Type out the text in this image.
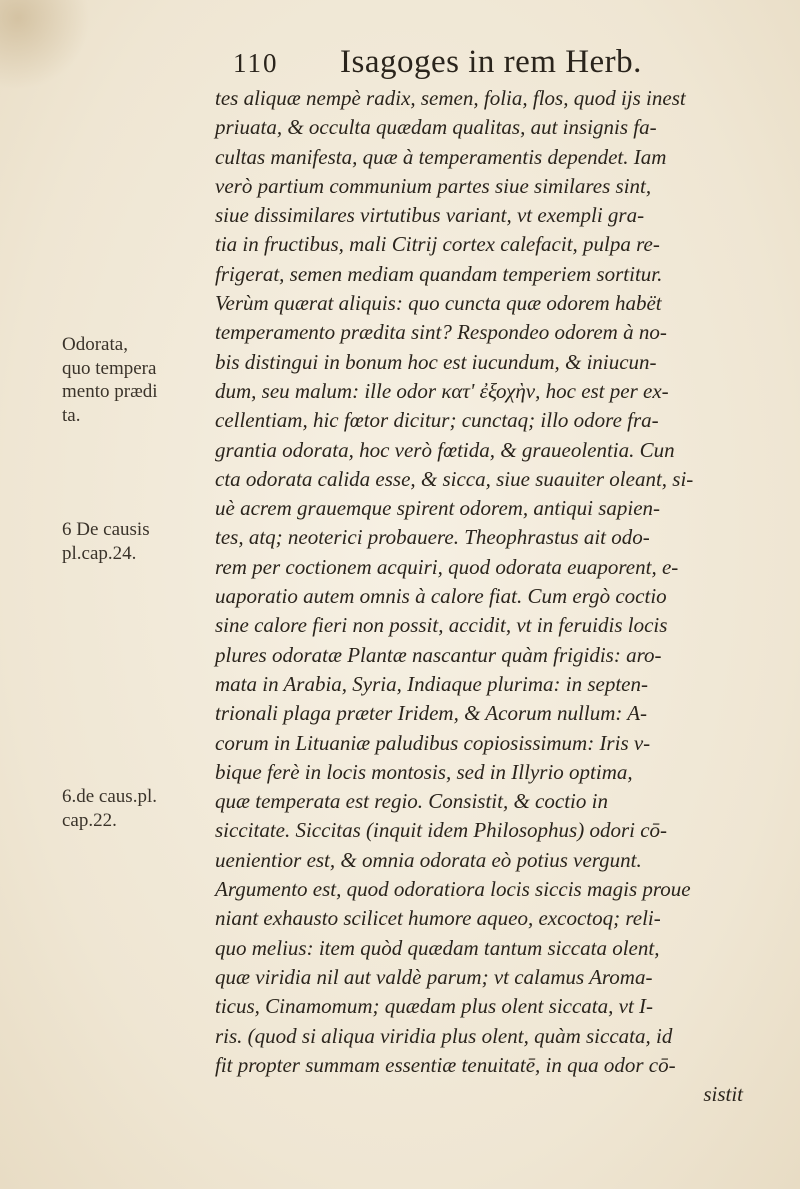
110 Isagoges in rem Herb.
Odorata,
quo tempera
mento prædi
ta.
6 De causis
pl.cap.24.
6.de caus.pl.
cap.22.
tes aliquæ nempè radix, semen, folia, flos, quod ijs inest
priuata, & occulta quædam qualitas, aut insignis fa-
cultas manifesta, quæ à temperamentis dependet. Iam
verò partium communium partes siue similares sint,
siue dissimilares virtutibus variant, vt exempli gra-
tia in fructibus, mali Citrij cortex calefacit, pulpa re-
frigerat, semen mediam quandam temperiem sortitur.
Verùm quærat aliquis: quo cuncta quæ odorem habët
temperamento prædita sint? Respondeo odorem à no-
bis distingui in bonum hoc est iucundum, & iniucun-
dum, seu malum: ille odor κατ' ἐξοχὴν, hoc est per ex-
cellentiam, hic fœtor dicitur; cunctaq; illo odore fra-
grantia odorata, hoc verò fœtida, & graueolentia. Cun
cta odorata calida esse, & sicca, siue suauiter oleant, si-
uè acrem grauemque spirent odorem, antiqui sapien-
tes, atq; neoterici probauere. Theophrastus ait odo-
rem per coctionem acquiri, quod odorata euaporent, e-
uaporatio autem omnis à calore fiat. Cum ergò coctio
sine calore fieri non possit, accidit, vt in feruidis locis
plures odoratæ Plantæ nascantur quàm frigidis: aro-
mata in Arabia, Syria, Indiaque plurima: in septen-
trionali plaga præter Iridem, & Acorum nullum: A-
corum in Lituaniæ paludibus copiosissimum: Iris v-
bique ferè in locis montosis, sed in Illyrio optima,
quæ temperata est regio. Consistit, & coctio in
siccitate. Siccitas (inquit idem Philosophus) odori cō-
uenientior est, & omnia odorata eò potius vergunt.
Argumento est, quod odoratiora locis siccis magis proue
niant exhausto scilicet humore aqueo, excoctoq; reli-
quo melius: item quòd quædam tantum siccata olent,
quæ viridia nil aut valdè parum; vt calamus Aroma-
ticus, Cinamomum; quædam plus olent siccata, vt I-
ris. (quod si aliqua viridia plus olent, quàm siccata, id
fit propter summam essentiæ tenuitatē, in qua odor cō-
sistit
